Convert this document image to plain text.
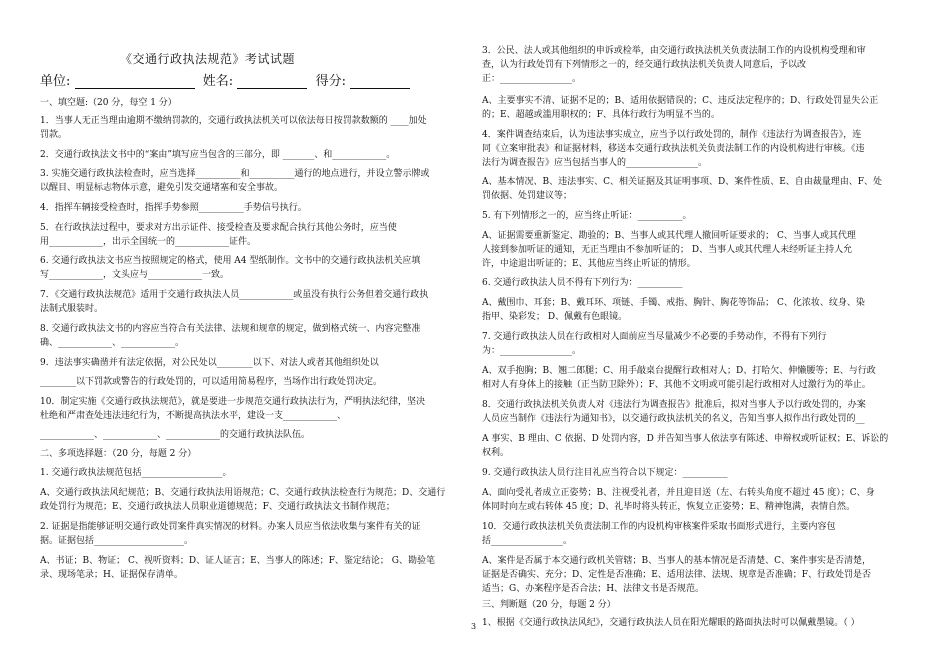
《交通行政执法规范》考试试题
单位:	姓名:	得分:
一、填空题:（20 分，每空 1 分）
1．当事人无正当理由逾期不缴纳罚款的，交通行政执法机关可以依法每日按罚款数额的 ____加处
罚款。
2．交通行政执法文书中的“案由”填写应当包含的三部分，即 _______、和____________。
3. 实施交通行政执法检查时，应当选择__________和__________通行的地点进行，并设立警示牌或
以醒目、明显标志物体示意，避免引发交通堵塞和安全事故。
4．指挥车辆接受检查时，指挥手势参照__________手势信号执行。
5．在行政执法过程中，要求对方出示证件、接受检查及要求配合执行其他公务时，应当使
用____________，出示全国统一的____________证件。
6. 交通行政执法文书应当按照规定的格式，使用 A4 型纸制作。文书中的交通行政执法机关应填
写____________，文头应与____________一致。
7．《交通行政执法规范》适用于交通行政执法人员____________或虽没有执行公务但着交通行政执
法制式服装时。
8. 交通行政执法文书的内容应当符合有关法律、法规和规章的规定，做到格式统一、内容完整准
确、____________、____________。
9．违法事实确凿并有法定依据，对公民处以________以下、对法人或者其他组织处以
________以下罚款或警告的行政处罚的，可以适用简易程序，当场作出行政处罚决定。
10．制定实施《交通行政执法规范》，就是要进一步规范交通行政执法行为，严明执法纪律，坚决
杜绝和严肃查处违法违纪行为，不断提高执法水平，建设一支____________、
____________、____________、____________的交通行政执法队伍。
二、多项选择题：（20 分，每题 2 分）
1. 交通行政执法规范包括__________________。
A、交通行政执法风纪规范；B、交通行政执法用语规范；C、交通行政执法检查行为规范；D、交通行
政处罚行为规范；E、交通行政执法人员职业道德规范；F、交通行政执法文书制作规范；
2. 证据是指能够证明交通行政处罚案件真实情况的材料。办案人员应当依法收集与案件有关的证
据。证据包括____________________。
A、书证；B、物证； C、视听资料；D、证人证言；E、当事人的陈述；F、鉴定结论； G、勘验笔
录、现场笔录；H、证据保存清单。
3．公民、法人或其他组织的申诉或检举，由交通行政执法机关负责法制工作的内设机构受理和审
查，认为行政处罚有下列情形之一的，经交通行政执法机关负责人同意后，予以改
正：________________。
A、主要事实不清、证据不足的；B、适用依据错误的；C、违反法定程序的；D、行政处罚显失公正
的；E、超越或滥用职权的；F、具体行政行为明显不当的。
4．案件调查结束后，认为违法事实成立，应当予以行政处罚的，制作《违法行为调查报告》，连
同《立案审批表》和证据材料，移送本交通行政执法机关负责法制工作的内设机构进行审核。《违
法行为调查报告》应当包括当事人的________________。
A、基本情况、B、违法事实、C、相关证据及其证明事项、D、案件性质、E、自由裁量理由、F、处
罚依据、处罚建议等；
5. 有下列情形之一的，应当终止听证：__________。
A、证据需要重新鉴定、勘验的；B、当事人或其代理人撤回听证要求的； C、当事人或其代理
人接到参加听证的通知，无正当理由不参加听证的； D、当事人或其代理人未经听证主持人允
许，中途退出听证的；E、其他应当终止听证的情形。
6. 交通行政执法人员不得有下列行为：__________
A、戴围巾、耳套；B、戴耳环、项链、手镯、戒指、胸针、胸花等饰品； C、化浓妆、纹身、染
指甲、染彩发； D、佩戴有色眼镜。
7. 交通行政执法人员在行政相对人面前应当尽量减少不必要的手势动作，不得有下列行
为：________________。
A、双手抱胸；B、翘二郎腿；C、用手敲桌台提醒行政相对人；D、打哈欠、伸懒腰等；E、与行政
相对人有身体上的接触（正当防卫除外）；F、其他不文明或可能引起行政相对人过激行为的举止。
8．交通行政执法机关负责人对《违法行为调查报告》批准后，拟对当事人予以行政处罚的，办案
人员应当制作《违法行为通知书》，以交通行政执法机关的名义，告知当事人拟作出行政处罚的__
A 事实、B 理由、C 依据、D 处罚内容，D 并告知当事人依法享有陈述、申辩权或听证权；E、诉讼的
权利。
9. 交通行政执法人员行注目礼应当符合以下规定：__________
A、面向受礼者成立正姿势；B、注视受礼者，并且迎目送（左、右转头角度不超过 45 度）；C、身
体同时向左或右转体 45 度；D、礼毕时将头转正，恢复立正姿势；E、精神饱满，表情自然。
10．交通行政执法机关负责法制工作的内设机构审核案件采取书面形式进行，主要内容包
括________________。
A、案件是否属于本交通行政机关管辖；B、当事人的基本情况是否清楚、C、案件事实是否清楚，
证据是否确实、充分；D、定性是否准确；E、适用法律、法规、规章是否准确；F、行政处罚是否
适当；G、办案程序是否合法；H、法律文书是否规范。
三、判断题（20 分，每题 2 分）
1、根据《交通行政执法风纪》，交通行政执法人员在阳光耀眼的路面执法时可以佩戴墨镜。（ ）
3
